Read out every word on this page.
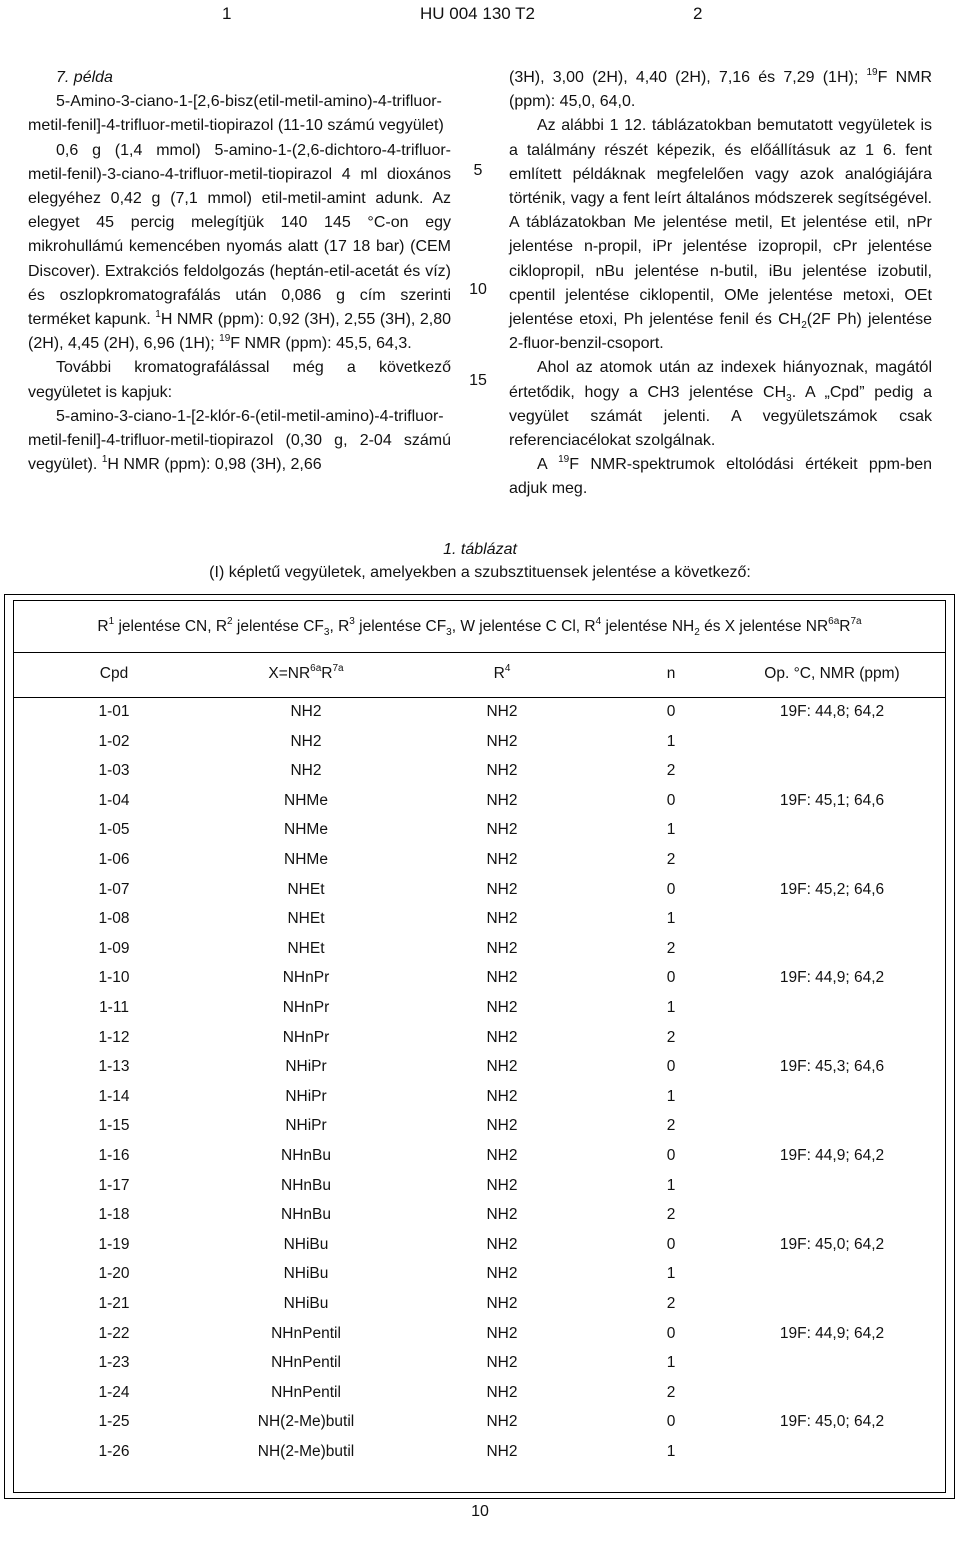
1	HU 004 130 T2	2

7. példa

5-Amino-3-ciano-1-[2,6-bisz(etil-metil-amino)-4-trifluor-metil-fenil]-4-trifluor-metil-tiopirazol (11-10 számú vegyület)

0,6 g (1,4 mmol) 5-amino-1-(2,6-dichtoro-4-trifluor-metil-fenil)-3-ciano-4-trifluor-metil-tiopirazol 4 ml dioxános elegyéhez 0,42 g (7,1 mmol) etil-metil-amint adunk. Az elegyet 45 percig melegítjük 140 145 °C-on egy mikrohullámú kemencében nyomás alatt (17 18 bar) (CEM Discover). Extrakciós feldolgozás (heptán-etil-acetát és víz) és oszlopkromatografálás után 0,086 g cím szerinti terméket kapunk. $^1$H NMR (ppm): 0,92 (3H), 2,55 (3H), 2,80 (2H), 4,45 (2H), 6,96 (1H); $^{19}$F NMR (ppm): 45,5, 64,3.

További kromatografálással még a következő vegyületet is kapjuk:

5-amino-3-ciano-1-[2-klór-6-(etil-metil-amino)-4-trifluor-metil-fenil]-4-trifluor-metil-tiopirazol (0,30 g, 2-04 számú vegyület). $^1$H NMR (ppm): 0,98 (3H), 2,66

5
10
15

(3H), 3,00 (2H), 4,40 (2H), 7,16 és 7,29 (1H); $^{19}$F NMR (ppm): 45,0, 64,0.

Az alábbi 1 12. táblázatokban bemutatott vegyületek is a találmány részét képezik, és előállításuk az 1 6. fent említett példáknak megfelelően vagy azok analógiájára történik, vagy a fent leírt általános módszerek segítségével. A táblázatokban Me jelentése metil, Et jelentése etil, nPr jelentése n-propil, iPr jelentése izopropil, cPr jelentése ciklopropil, nBu jelentése n-butil, iBu jelentése izobutil, cpentil jelentése ciklopentil, OMe jelentése metoxi, OEt jelentése etoxi, Ph jelentése fenil és $CH_2(2F$ Ph) jelentése 2-fluor-benzil-csoport.

Ahol az atomok után az indexek hiányoznak, magától értetődik, hogy a CH3 jelentése $CH_3$. A „Cpd” pedig a vegyület számát jelenti. A vegyületszámok csak referenciacélokat szolgálnak.

A $^{19}$F NMR-spektrumok eltolódási értékeit ppm-ben adjuk meg.

1. táblázat
(I) képletű vegyületek, amelyekben a szubsztituensek jelentése a következő:
$R^1$ jelentése CN, $R^2$ jelentése $CF_3$, $R^3$ jelentése $CF_3$, W jelentése C Cl, $R^4$ jelentése $NH_2$ és X jelentése $NR^{6a}R^{7a}$
Cpd	$X=NR^{6a}R^{7a}$	$R^4$	n	Op. °C, NMR (ppm)
1-01	NH2	NH2	0	19F: 44,8; 64,2
1-02	NH2	NH2	1
1-03	NH2	NH2	2
1-04	NHMe	NH2	0	19F: 45,1; 64,6
1-05	NHMe	NH2	1
1-06	NHMe	NH2	2
1-07	NHEt	NH2	0	19F: 45,2; 64,6
1-08	NHEt	NH2	1
1-09	NHEt	NH2	2
1-10	NHnPr	NH2	0	19F: 44,9; 64,2
1-11	NHnPr	NH2	1
1-12	NHnPr	NH2	2
1-13	NHiPr	NH2	0	19F: 45,3; 64,6
1-14	NHiPr	NH2	1
1-15	NHiPr	NH2	2
1-16	NHnBu	NH2	0	19F: 44,9; 64,2
1-17	NHnBu	NH2	1
1-18	NHnBu	NH2	2
1-19	NHiBu	NH2	0	19F: 45,0; 64,2
1-20	NHiBu	NH2	1
1-21	NHiBu	NH2	2
1-22	NHnPentil	NH2	0	19F: 44,9; 64,2
1-23	NHnPentil	NH2	1
1-24	NHnPentil	NH2	2
1-25	NH(2-Me)butil	NH2	0	19F: 45,0; 64,2
1-26	NH(2-Me)butil	NH2	1
10
